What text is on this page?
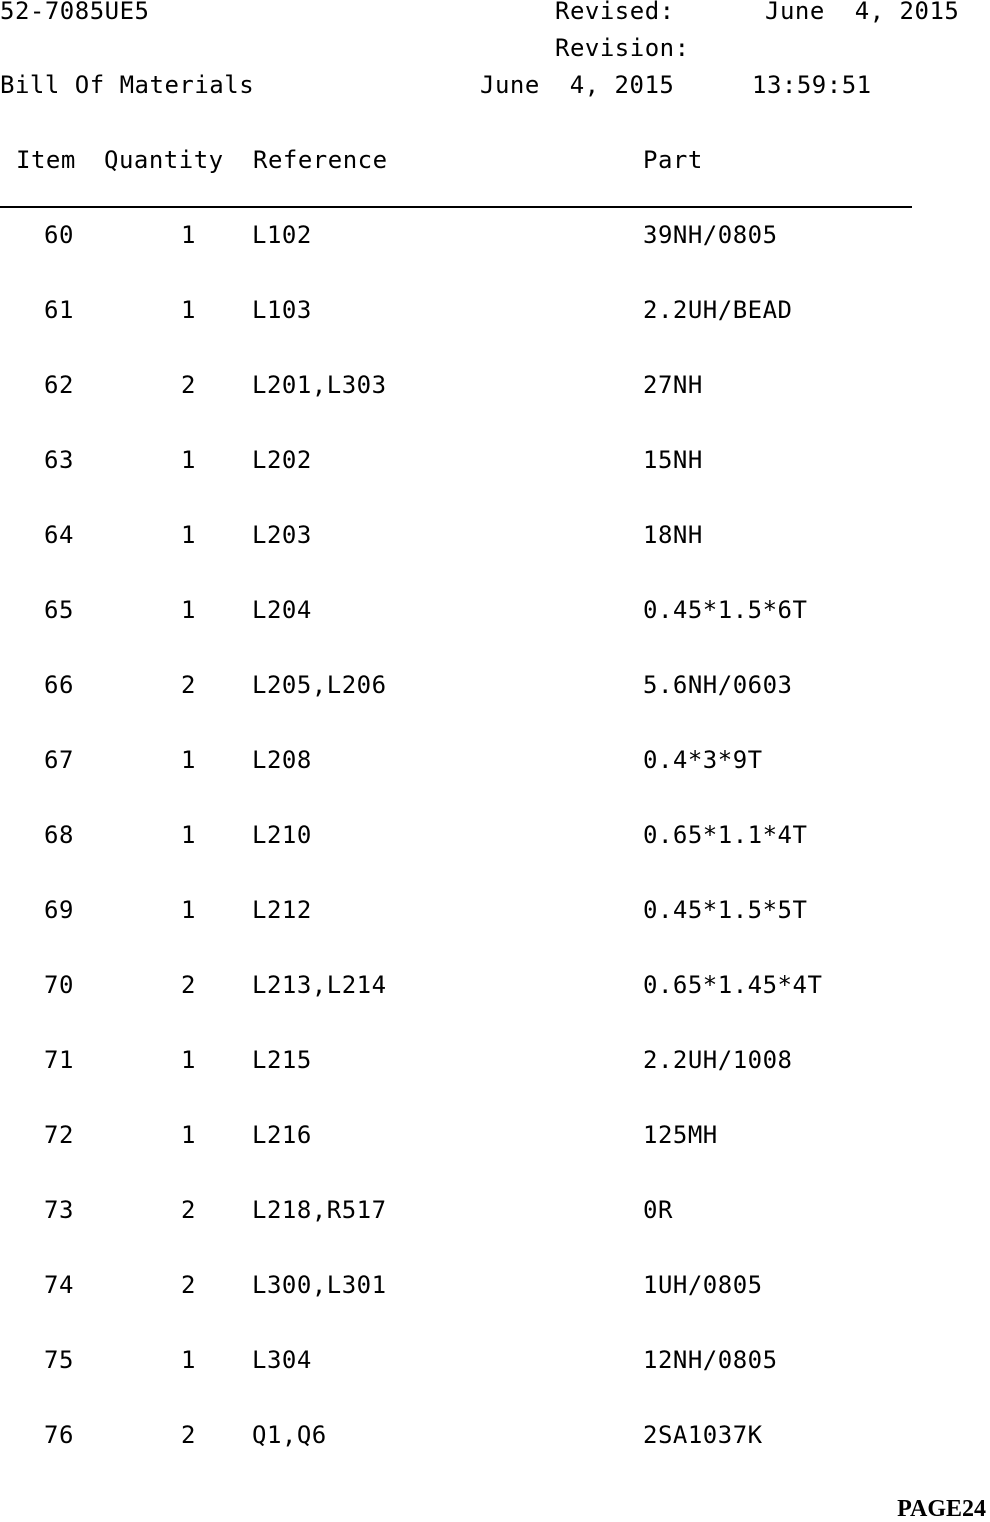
52-7085UE5	Revised:	June  4, 2015
Revision:
Bill Of Materials	June  4, 2015	13:59:51
Item Quantity Reference	Part
60	1 L102	39NH/0805
61	1 L103	2.2UH/BEAD
62	2 L201,L303	27NH
63	1 L202	15NH
64	1 L203	18NH
65	1 L204	0.45*1.5*6T
66	2 L205,L206	5.6NH/0603
67	1 L208	0.4*3*9T
68	1 L210	0.65*1.1*4T
69	1 L212	0.45*1.5*5T
70	2 L213,L214	0.65*1.45*4T
71	1 L215	2.2UH/1008
72	1 L216	125MH
73	2 L218,R517	0R
74	2 L300,L301	1UH/0805
75	1 L304	12NH/0805
76	2 Q1,Q6	2SA1037K
PAGE24
